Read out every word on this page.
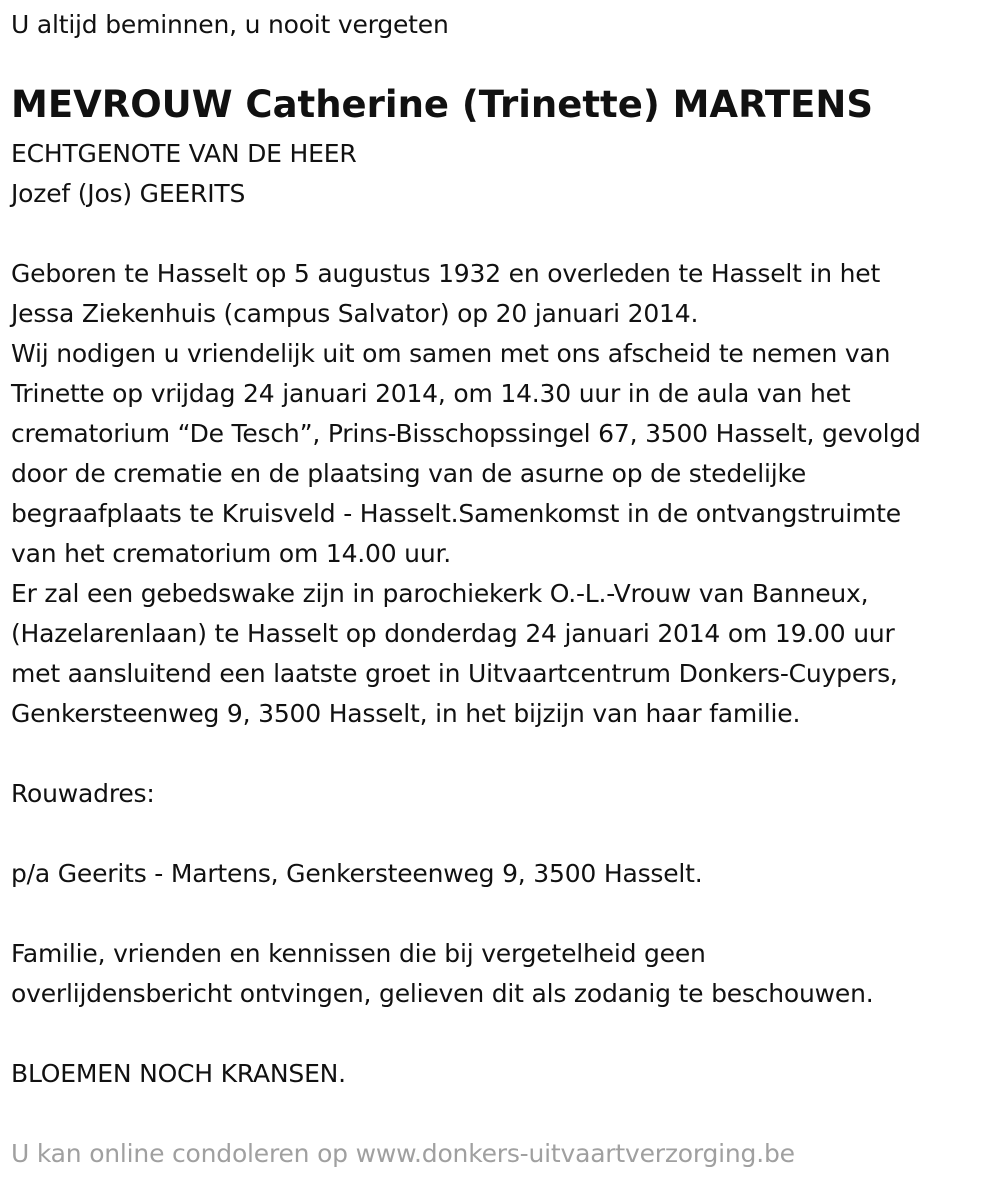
U altijd beminnen, u nooit vergeten
MEVROUW Catherine (Trinette) MARTENS
ECHTGENOTE VAN DE HEER
Jozef (Jos) GEERITS
Geboren te Hasselt op 5 augustus 1932 en overleden te Hasselt in het
Jessa Ziekenhuis (campus Salvator) op 20 januari 2014.
Wij nodigen u vriendelijk uit om samen met ons afscheid te nemen van
Trinette op vrijdag 24 januari 2014, om 14.30 uur in de aula van het
crematorium “De Tesch”, Prins-Bisschopssingel 67, 3500 Hasselt, gevolgd
door de crematie en de plaatsing van de asurne op de stedelijke
begraafplaats te Kruisveld - Hasselt.Samenkomst in de ontvangstruimte
van het crematorium om 14.00 uur.
Er zal een gebedswake zijn in parochiekerk O.-L.-Vrouw van Banneux,
(Hazelarenlaan) te Hasselt op donderdag 24 januari 2014 om 19.00 uur
met aansluitend een laatste groet in Uitvaartcentrum Donkers-Cuypers,
Genkersteenweg 9, 3500 Hasselt, in het bijzijn van haar familie.
Rouwadres:
p/a Geerits - Martens, Genkersteenweg 9, 3500 Hasselt.
Familie, vrienden en kennissen die bij vergetelheid geen
overlijdensbericht ontvingen, gelieven dit als zodanig te beschouwen.
BLOEMEN NOCH KRANSEN.
U kan online condoleren op www.donkers-uitvaartverzorging.be
